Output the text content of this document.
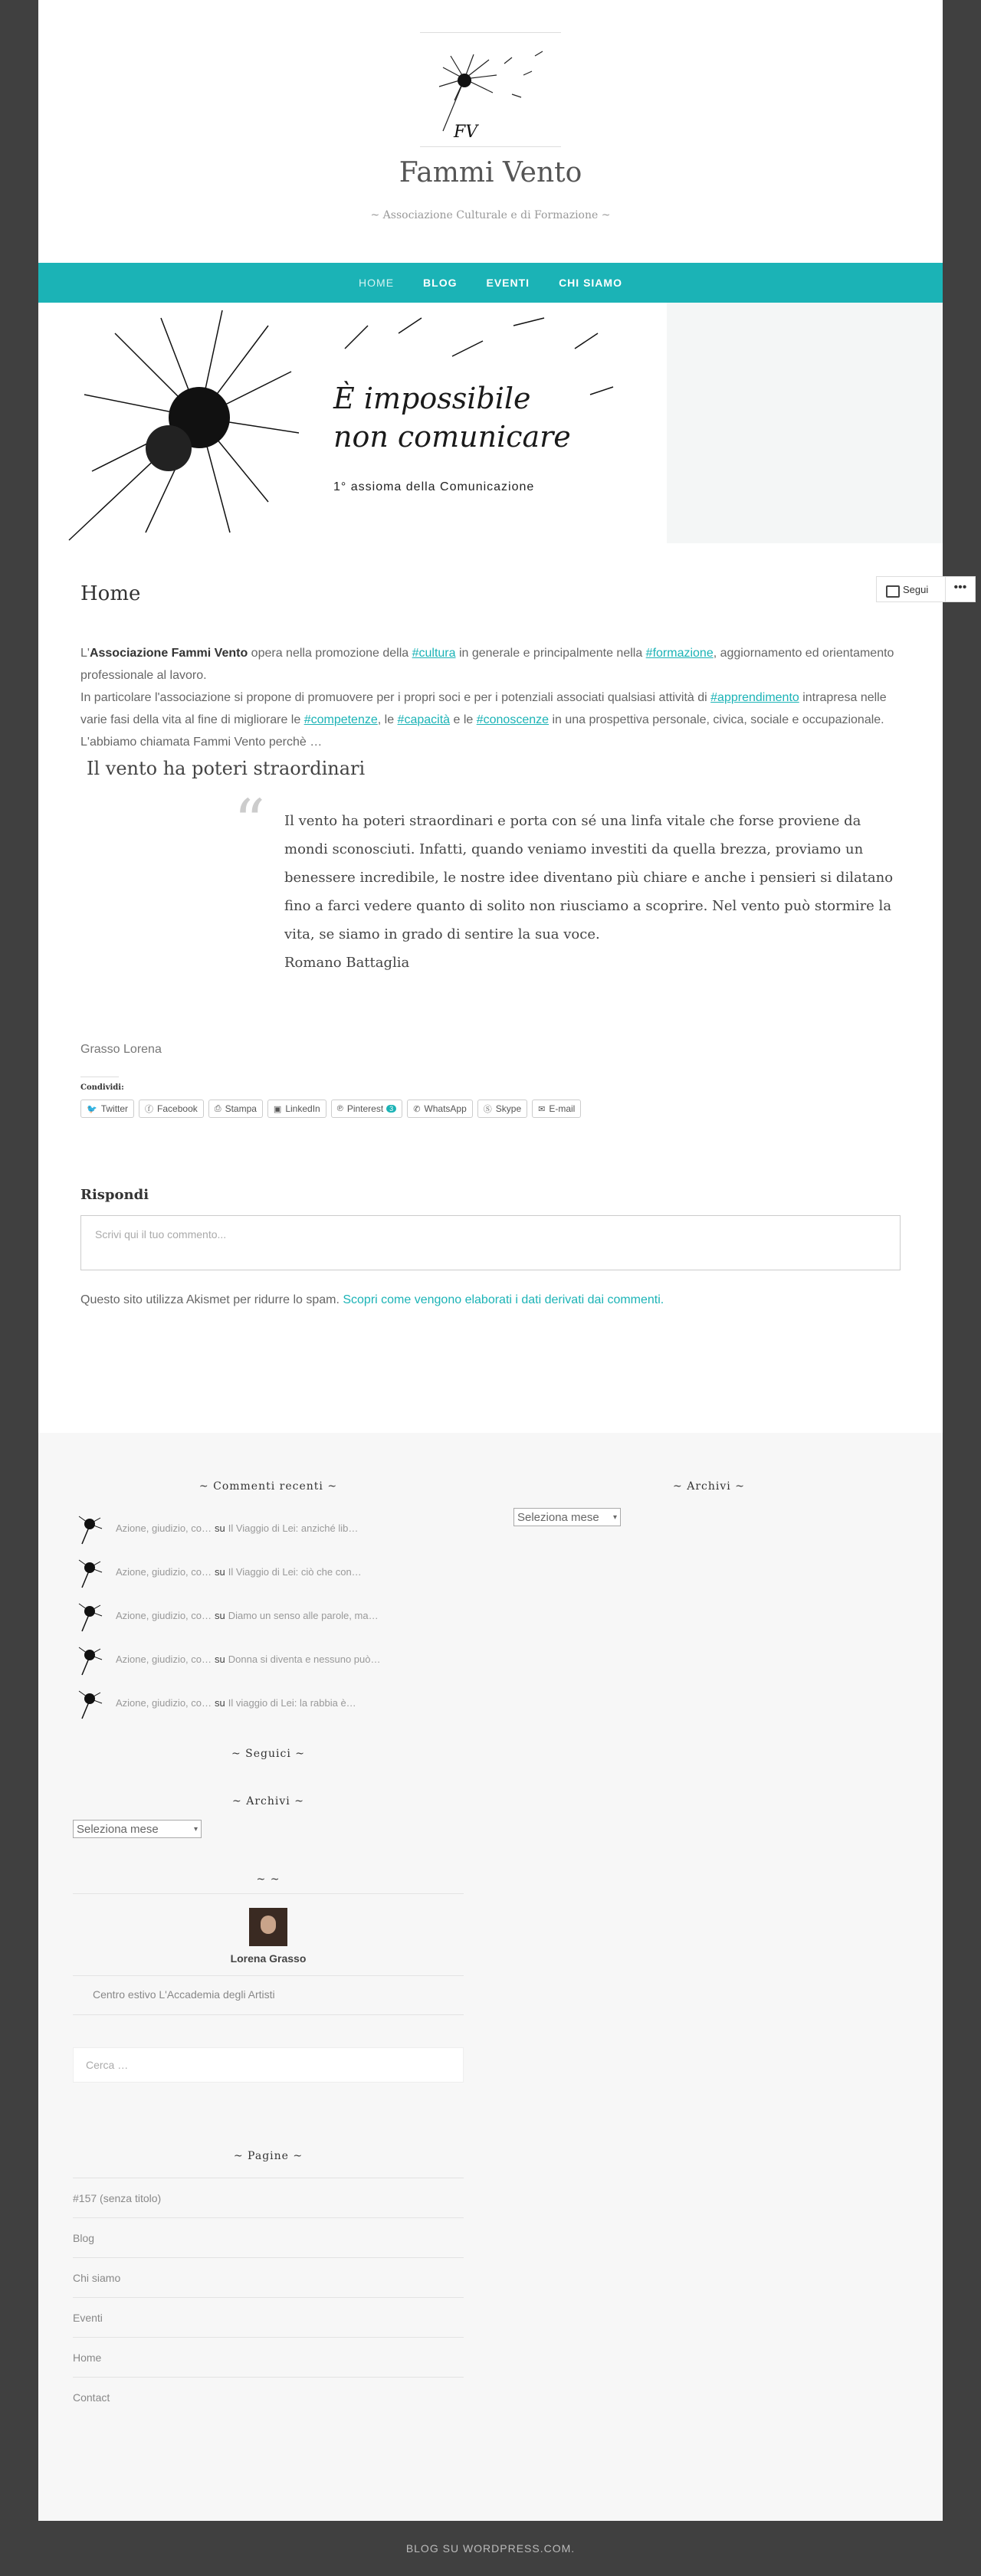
FV
Fammi Vento
~ Associazione Culturale e di Formazione ~
HOME	BLOG	EVENTI	CHI SIAMO
È impossibile
non comunicare
1° assioma della Comunicazione
Home
L'Associazione Fammi Vento opera nella promozione della #cultura in generale e principalmente nella #formazione, aggiornamento ed orientamento professionale al lavoro.
In particolare l'associazione si propone di promuovere per i propri soci e per i potenziali associati qualsiasi attività di #apprendimento intrapresa nelle varie fasi della vita al fine di migliorare le #competenze, le #capacità e le #conoscenze in una prospettiva personale, civica, sociale e occupazionale. L'abbiamo chiamata Fammi Vento perchè …
Il vento ha poteri straordinari
“ Il vento ha poteri straordinari e porta con sé una linfa vitale che forse proviene da mondi sconosciuti. Infatti, quando veniamo investiti da quella brezza, proviamo un benessere incredibile, le nostre idee diventano più chiare e anche i pensieri si dilatano fino a farci vedere quanto di solito non riusciamo a scoprire. Nel vento può stormire la vita, se siamo in grado di sentire la sua voce.
Romano Battaglia
Grasso Lorena
Condividi:
🐦 Twitter ⓕ Facebook ⎙ Stampa ▣ LinkedIn ℗ Pinterest 3	✆ WhatsApp Ⓢ Skype ✉ E-mail
Rispondi
Scrivi qui il tuo commento...
Questo sito utilizza Akismet per ridurre lo spam. Scopri come vengono elaborati i dati derivati dai commenti.
~ Commenti recenti ~
Azione, giudizio, co… su Il Viaggio di Lei: anziché lib…
Azione, giudizio, co… su Il Viaggio di Lei: ciò che con…
Azione, giudizio, co… su Diamo un senso alle parole, ma…
Azione, giudizio, co… su Donna si diventa e nessuno può…
Azione, giudizio, co… su Il viaggio di Lei: la rabbia è…
~ Seguici ~
~ Archivi ~
Seleziona mese	▾
~ ~
Lorena Grasso
Centro estivo L'Accademia degli Artisti
Cerca …
~ Pagine ~
#157 (senza titolo)
Blog
Chi siamo
Eventi
Home
Contact
~ Archivi ~
Seleziona mese ▾
BLOG SU WORDPRESS.COM.
Segui	•••
